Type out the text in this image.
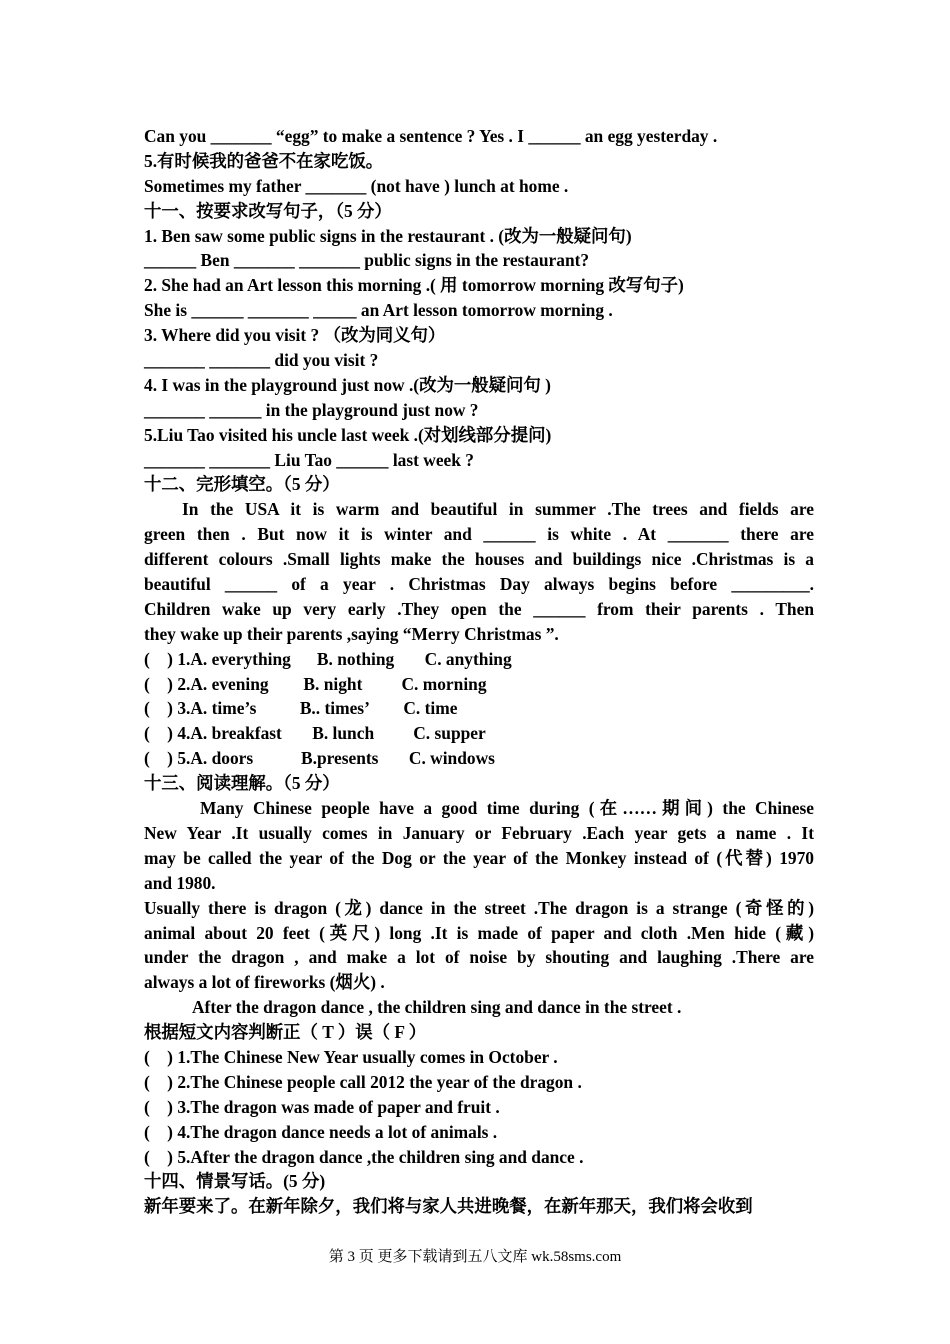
Can you _______ “egg” to make a sentence ? Yes . I ______ an egg yesterday .
5.有时候我的爸爸不在家吃饭。
Sometimes my father _______ (not have ) lunch at home .
十一、按要求改写句子，（5 分）
1. Ben saw some public signs in the restaurant . (改为一般疑问句)
______ Ben _______ _______ public signs in the restaurant?
2. She had an Art lesson this morning .( 用 tomorrow morning 改写句子)
She is ______ _______ _____ an Art lesson tomorrow morning .
3. Where did you visit ? （改为同义句）
_______ _______ did you visit ?
4. I was in the playground just now .(改为一般疑问句 )
_______ ______ in the playground just now ?
5.Liu Tao visited his uncle last week .(对划线部分提问)
_______ _______ Liu Tao ______ last week ?
十二、完形填空。（5 分）
In the USA it is warm and beautiful in summer .The trees and fields are
green then . But now it is winter and ______ is white . At _______ there are
different colours .Small lights make the houses and buildings nice .Christmas is a
beautiful ______ of a year . Christmas Day always begins before _________.
Children wake up very early .They open the ______ from their parents . Then
they wake up their parents ,saying “Merry Christmas ”.
(    ) 1.A. everything      B. nothing       C. anything
(    ) 2.A. evening        B. night         C. morning
(    ) 3.A. time’s          B.. times’        C. time
(    ) 4.A. breakfast       B. lunch         C. supper
(    ) 5.A. doors           B.presents       C. windows
十三、阅读理解。（5 分）
Many Chinese people have a good time during (在……期间) the Chinese
New Year .It usually comes in January or February .Each year gets a name . It
may be called the year of the Dog or the year of the Monkey instead of (代替) 1970
and 1980.
Usually there is dragon (龙) dance in the street .The dragon is a strange (奇怪的)
animal about 20 feet (英尺) long .It is made of paper and cloth .Men hide (藏)
under the dragon , and make a lot of noise by shouting and laughing .There are
always a lot of fireworks (烟火) .
After the dragon dance , the children sing and dance in the street .
根据短文内容判断正（ T ）误（ F ）
(    ) 1.The Chinese New Year usually comes in October .
(    ) 2.The Chinese people call 2012 the year of the dragon .
(    ) 3.The dragon was made of paper and fruit .
(    ) 4.The dragon dance needs a lot of animals .
(    ) 5.After the dragon dance ,the children sing and dance .
十四、情景写话。(5 分)
新年要来了。在新年除夕，我们将与家人共进晚餐，在新年那天，我们将会收到
第 3 页 更多下载请到五八文库 wk.58sms.com
